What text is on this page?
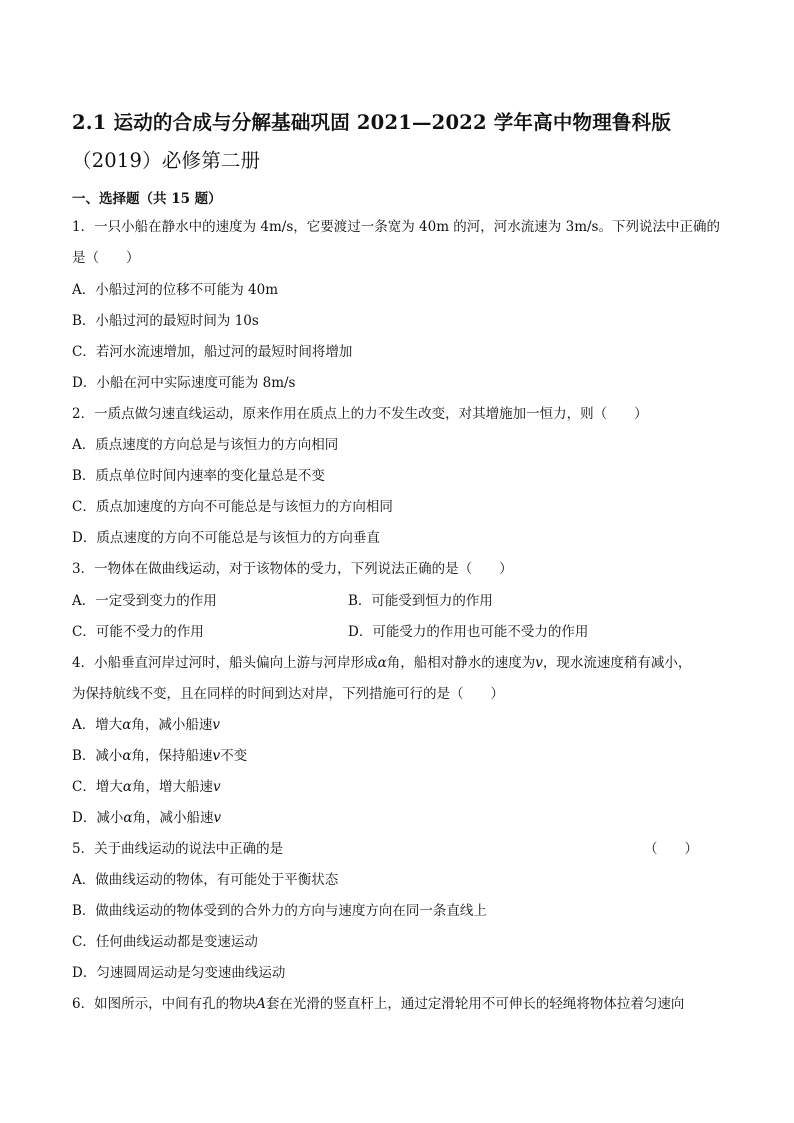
2.1 运动的合成与分解基础巩固 2021—2022 学年高中物理鲁科版
（2019）必修第二册
一、选择题（共 15 题）
1．一只小船在静水中的速度为 4m/s，它要渡过一条宽为 40m 的河，河水流速为 3m/s。下列说法中正确的
是（　　）
A．小船过河的位移不可能为 40m
B．小船过河的最短时间为 10s
C．若河水流速增加，船过河的最短时间将增加
D．小船在河中实际速度可能为 8m/s
2．一质点做匀速直线运动，原来作用在质点上的力不发生改变，对其增施加一恒力，则（　　）
A．质点速度的方向总是与该恒力的方向相同
B．质点单位时间内速率的变化量总是不变
C．质点加速度的方向不可能总是与该恒力的方向相同
D．质点速度的方向不可能总是与该恒力的方向垂直
3．一物体在做曲线运动，对于该物体的受力，下列说法正确的是（　　）
A．一定受到变力的作用	B．可能受到恒力的作用
C．可能不受力的作用	D．可能受力的作用也可能不受力的作用
4．小船垂直河岸过河时，船头偏向上游与河岸形成α角，船相对静水的速度为v，现水流速度稍有减小，
为保持航线不变，且在同样的时间到达对岸，下列措施可行的是（　　）
A．增大α角，减小船速v
B．减小α角，保持船速v不变
C．增大α角，增大船速v
D．减小α角，减小船速v
5．关于曲线运动的说法中正确的是	（　　）
A．做曲线运动的物体，有可能处于平衡状态
B．做曲线运动的物体受到的合外力的方向与速度方向在同一条直线上
C．任何曲线运动都是变速运动
D．匀速圆周运动是匀变速曲线运动
6．如图所示，中间有孔的物块A套在光滑的竖直杆上，通过定滑轮用不可伸长的轻绳将物体拉着匀速向
